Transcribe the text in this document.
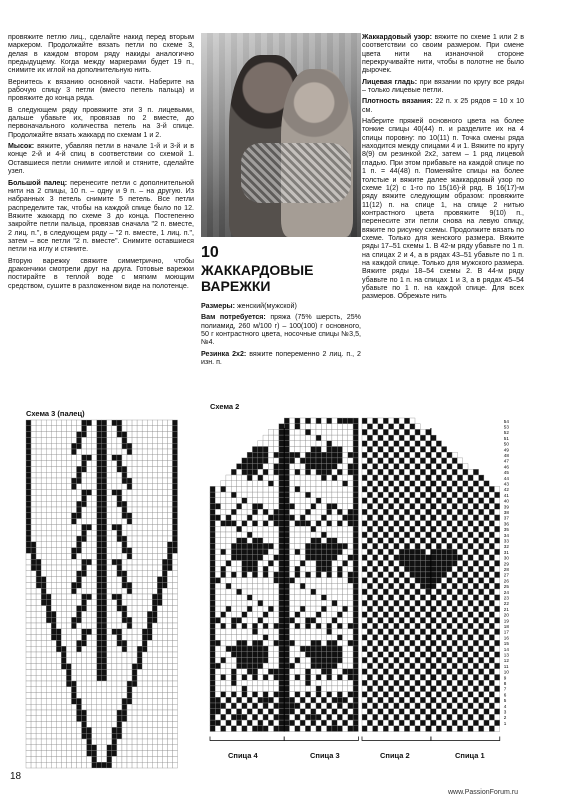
провяжите петлю лиц., сделайте накид перед вторым маркером. Продолжайте вязать петли по схеме 3, делая в каждом втором ряду накиды аналогично предыдущему. Когда между маркерами будет 19 п., снимите их иглой на дополнительную нить.

Вернитесь к вязанию основной части. Наберите на рабочую спицу 3 петли (вместо петель пальца) и провяжите до конца ряда.

В следующем ряду провяжите эти 3 п. лицевыми, дальше убавьте их, провязав по 2 вместе, до первоначального количества петель на 3-й спице. Продолжайте вязать жаккард по схемам 1 и 2.

Мысок: вяжите, убавляя петли в начале 1-й и 3-й и в конце 2-й и 4-й спиц в соответствии со схемой 1. Оставшиеся петли снимите иглой и стяните, сделайте узел.

Большой палец: перенесите петли с дополнительной нити на 2 спицы, 10 п. – одну и 9 п. – на другую. Из набранных 3 петель снимите 5 петель. Все петли распределите так, чтобы на каждой спице было по 12. Вяжите жаккард по схеме 3 до конца. Постепенно закройте петли пальца, провязав сначала "2 п. вместе, 2 лиц. п.", в следующем ряду – "2 п. вместе, 1 лиц. п.", затем – все петли "2 п. вместе". Снимите оставшиеся петли на иглу и стяните.

Вторую варежку свяжите симметрично, чтобы дракончики смотрели друг на друга. Готовые варежки постирайте в теплой воде с мягким моющим средством, сушите в разложенном виде на полотенце.

10
ЖАККАРДОВЫЕ ВАРЕЖКИ

Размеры: женский(мужской)

Вам потребуется: пряжа (75% шерсть, 25% полиамид, 260 м/100 г) – 100(100) г основного, 50 г контрастного цвета, носочные спицы №3,5, №4.

Резинка 2х2: вяжите попеременно 2 лиц. п., 2 изн. п.

Жаккардовый узор: вяжите по схеме 1 или 2 в соответствии со своим размером. При смене цвета нити на изнаночной стороне перекручивайте нити, чтобы в полотне не было дырочек.

Лицевая гладь: при вязании по кругу все ряды – только лицевые петли.

Плотность вязания: 22 п. х 25 рядов = 10 х 10 см.

Наберите пряжей основного цвета на более тонкие спицы 40(44) п. и разделите их на 4 спицы поровну: по 10(11) п. Точка смены ряда находится между спицами 4 и 1. Вяжите по кругу 8(9) см резинкой 2х2, затем – 1 ряд лицевой гладью. При этом прибавьте на каждой спице по 1 п. = 44(48) п. Поменяйте спицы на более толстые и вяжите далее жаккардовый узор по схеме 1(2) с 1-го по 15(16)-й ряд. В 16(17)-м ряду вяжите следующим образом: провяжите 11(12) п. на спице 1, на спице 2 нитью контрастного цвета провяжите 9(10) п., перенесите эти петли снова на левую спицу, вяжите по рисунку схемы. Продолжите вязать по схеме. Только для женского размера. Вяжите ряды 17–51 схемы 1. В 42-м ряду убавьте по 1 п. на спицах 2 и 4, а в рядах 43–51 убавьте по 1 п. на каждой спице. Только для мужского размера. Вяжите ряды 18–54 схемы 2. В 44-м ряду убавьте по 1 п. на спицах 1 и 3, а в рядах 45–54 убавьте по 1 п. на каждой спице. Для всех размеров. Обрежьте нить

Схема 2
Схема 3 (палец)
54
53
52
51
50
49
48
47
46
45
44
43
42
41
40
39
38
37
36
35
34
33
32
31
30
29
28
27
26
25
24
23
22
21
20
19
18
17
16
15
14
13
12
11
10
9
8
7
6
5
4
3
2
1
Спица 4	Спица 3	Спица 2	Спица 1
18
www.PassionForum.ru
